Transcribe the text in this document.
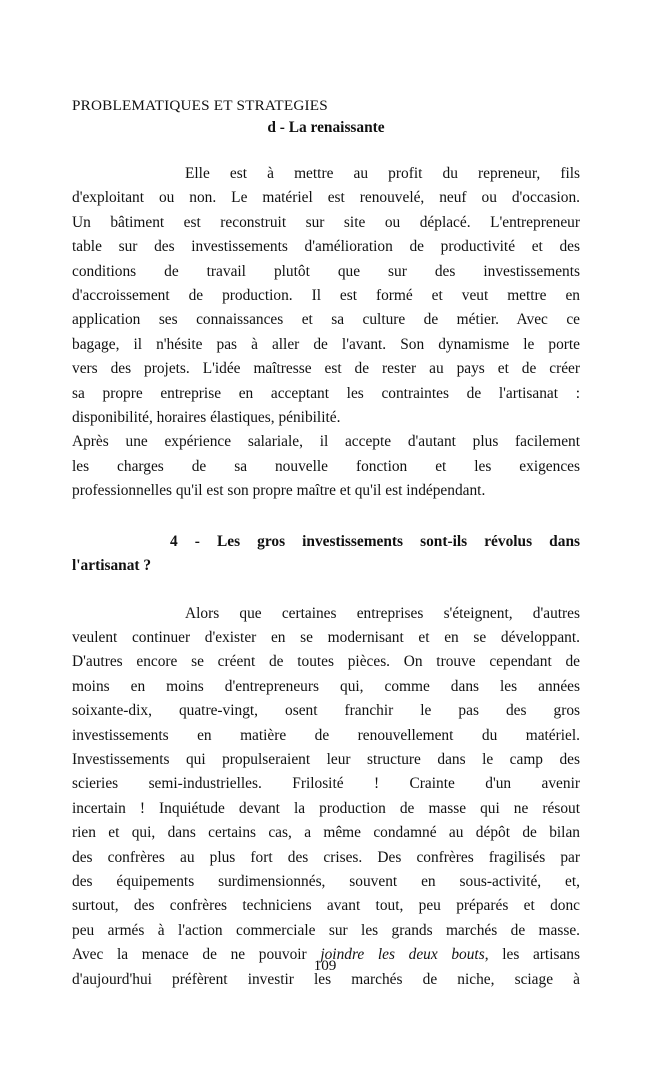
PROBLEMATIQUES ET STRATEGIES
d - La renaissante
Elle est à mettre au profit du repreneur, fils
d'exploitant ou non. Le matériel est renouvelé, neuf ou d'occasion.
Un bâtiment est reconstruit sur site ou déplacé. L'entrepreneur
table sur des investissements d'amélioration de productivité et des
conditions de travail plutôt que sur des investissements
d'accroissement de production. Il est formé et veut mettre en
application ses connaissances et sa culture de métier. Avec ce
bagage, il n'hésite pas à aller de l'avant. Son dynamisme le porte
vers des projets. L'idée maîtresse est de rester au pays et de créer
sa propre entreprise en acceptant les contraintes de l'artisanat :
disponibilité, horaires élastiques, pénibilité.
Après une expérience salariale, il accepte d'autant plus facilement
les charges de sa nouvelle fonction et les exigences
professionnelles qu'il est son propre maître et qu'il est indépendant.
4 - Les gros investissements sont-ils révolus dans
l'artisanat ?
Alors que certaines entreprises s'éteignent, d'autres
veulent continuer d'exister en se modernisant et en se développant.
D'autres encore se créent de toutes pièces. On trouve cependant de
moins en moins d'entrepreneurs qui, comme dans les années
soixante-dix, quatre-vingt, osent franchir le pas des gros
investissements en matière de renouvellement du matériel.
Investissements qui propulseraient leur structure dans le camp des
scieries semi-industrielles. Frilosité ! Crainte d'un avenir
incertain ! Inquiétude devant la production de masse qui ne résout
rien et qui, dans certains cas, a même condamné au dépôt de bilan
des confrères au plus fort des crises. Des confrères fragilisés par
des équipements surdimensionnés, souvent en sous-activité, et,
surtout, des confrères techniciens avant tout, peu préparés et donc
peu armés à l'action commerciale sur les grands marchés de masse.
Avec la menace de ne pouvoir joindre les deux bouts, les artisans
d'aujourd'hui préfèrent investir les marchés de niche, sciage à
109
